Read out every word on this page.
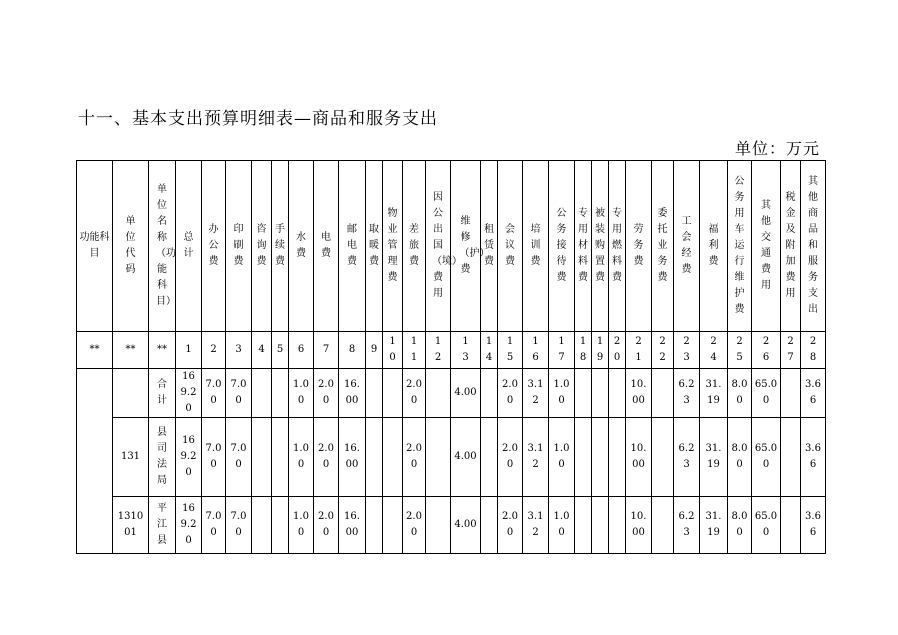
十一、基本支出预算明细表—商品和服务支出
单位：万元
功能科目	单位代码	单位名称（功能科目）	总计	办公费	印刷费	咨询费	手续费	水费	电费	邮电费	取暖费	物业管理费	差旅费	因公出国（境）费用	维修（护）费	租赁费	会议费	培训费	公务接待费	专用材料费	被装购置费	专用燃料费	劳务费	委托业务费	工会经费	福利费	公务用车运行维护费	其他交通费用	税金及附加费用	其他商品和服务支出

**	**	**	1	2	3	4	5	6	7	8	9	10	11	12	13	14	15	16	17	18	19	20	21	22	23	24	25	26	27	28

		合计	169.20	7.00	7.00			1.00	2.00	16.00			2.00		4.00		2.00	3.12	1.00				10.00		6.23	31.19	8.00	65.00		3.66

	131	县司法局	169.20	7.00	7.00			1.00	2.00	16.00			2.00		4.00		2.00	3.12	1.00				10.00		6.23	31.19	8.00	65.00		3.66

	131001	平江县	169.20	7.00	7.00			1.00	2.00	16.00			2.00		4.00		2.00	3.12	1.00				10.00		6.23	31.19	8.00	65.00		3.66
